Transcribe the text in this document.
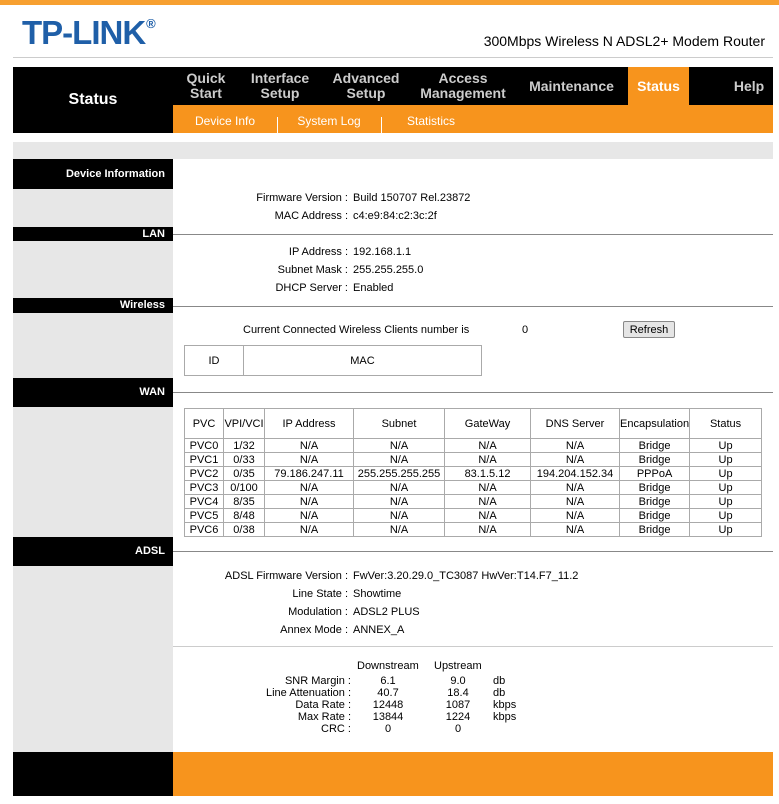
TP-LINK®
300Mbps Wireless N ADSL2+ Modem Router
Status
Quick
Start
Interface
Setup
Advanced
Setup
Access
Management Maintenance Status	Help
Device Info	System Log	Statistics
Device Information
Firmware Version : Build 150707 Rel.23872
MAC Address : c4:e9:84:c2:3c:2f
LAN
IP Address : 192.168.1.1
Subnet Mask : 255.255.255.0
DHCP Server : Enabled
Wireless
Current Connected Wireless Clients number is	0	Refresh
ID	MAC
WAN
PVC	VPI/VCI	IP Address	Subnet	GateWay	DNS Server	Encapsulation	Status
PVC0	1/32	N/A	N/A	N/A	N/A	Bridge	Up
PVC1	0/33	N/A	N/A	N/A	N/A	Bridge	Up
PVC2	0/35	79.186.247.11	255.255.255.255	83.1.5.12	194.204.152.34	PPPoA	Up
PVC3	0/100	N/A	N/A	N/A	N/A	Bridge	Up
PVC4	8/35	N/A	N/A	N/A	N/A	Bridge	Up
PVC5	8/48	N/A	N/A	N/A	N/A	Bridge	Up
PVC6	0/38	N/A	N/A	N/A	N/A	Bridge	Up
ADSL
ADSL Firmware Version : FwVer:3.20.29.0_TC3087 HwVer:T14.F7_11.2
Line State : Showtime
Modulation : ADSL2 PLUS
Annex Mode : ANNEX_A
Downstream Upstream
SNR Margin :	6.1	9.0	db
Line Attenuation :	40.7	18.4	db
Data Rate :	12448	1087	kbps
Max Rate :	13844	1224	kbps
CRC :	0	0
